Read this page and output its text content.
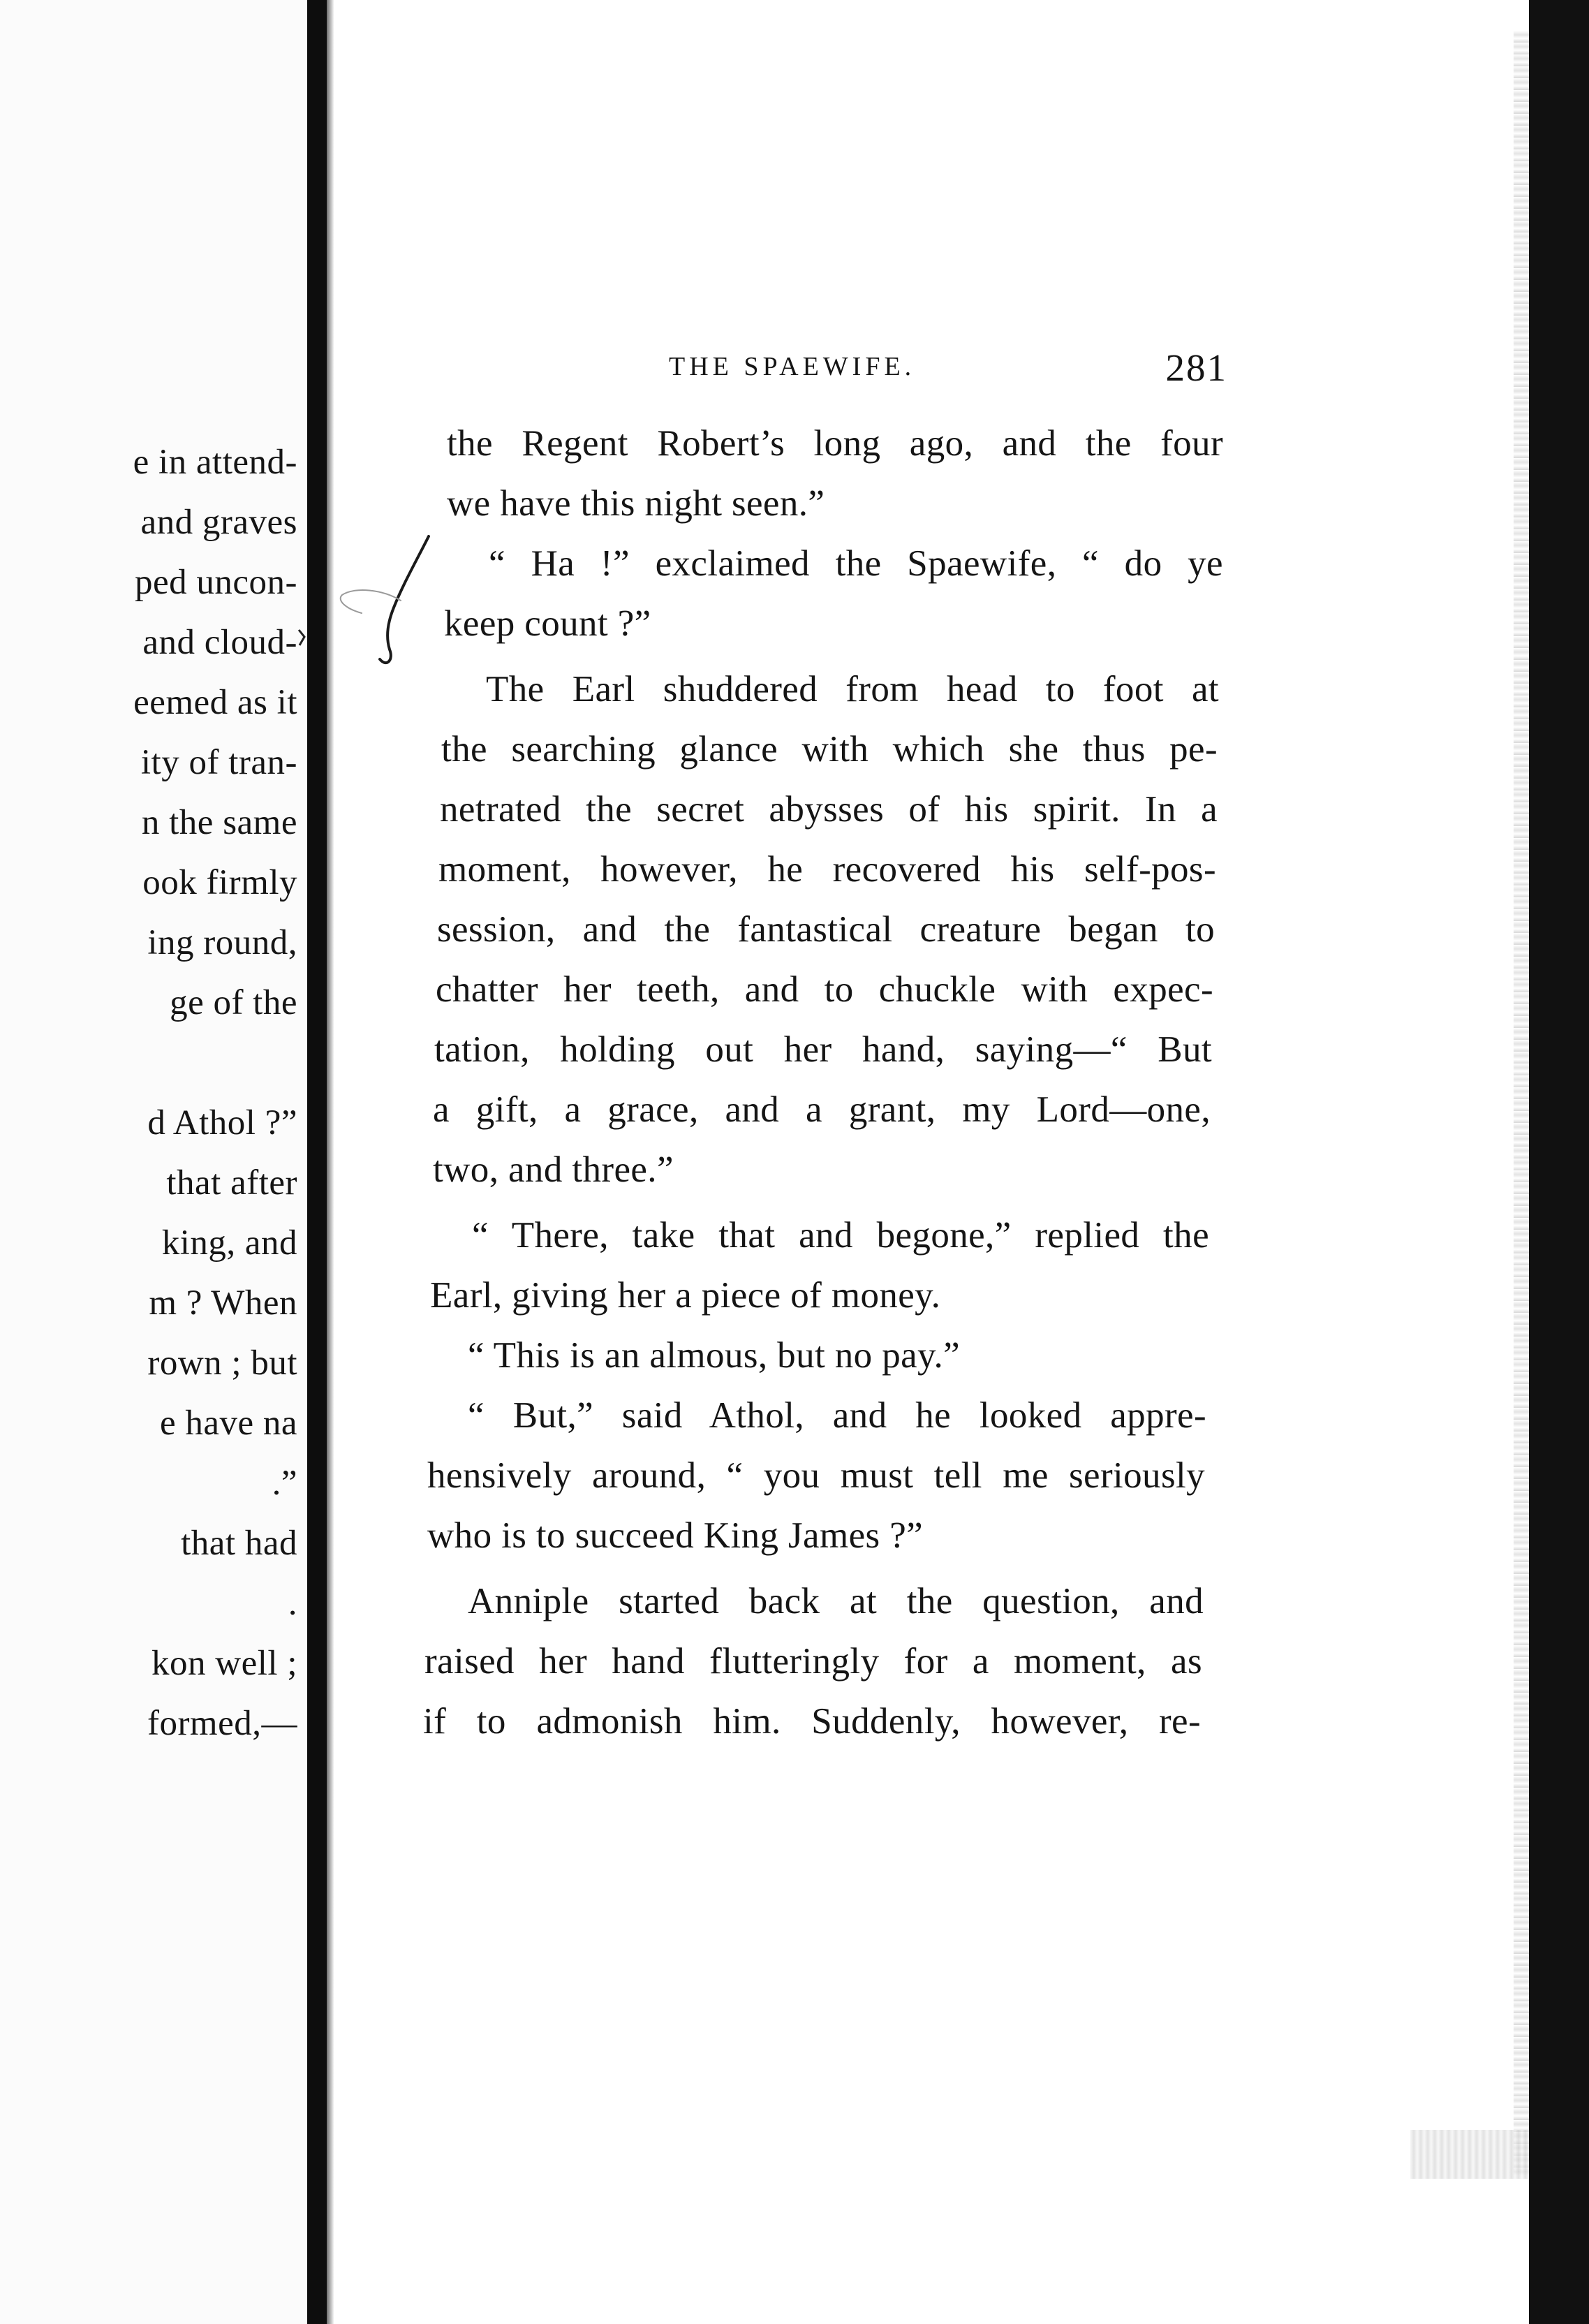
e in attend-
and graves
ped uncon-
and cloud-
eemed as it
ity of tran-
n the same
ook firmly
ing round,
ge of the
d Athol ?”
that after
king, and
m ? When
rown ; but
e have na
.”
that had
.
kon well ;
formed,—
THE SPAEWIFE.	281
the Regent Robert’s long ago, and the four
we have this night seen.”
“ Ha !” exclaimed the Spaewife, “ do ye
keep count ?”
The Earl shuddered from head to foot at
the searching glance with which she thus pe-
netrated the secret abysses of his spirit. In a
moment, however, he recovered his self-pos-
session, and the fantastical creature began to
chatter her teeth, and to chuckle with expec-
tation, holding out her hand, saying—“ But
a gift, a grace, and a grant, my Lord—one,
two, and three.”
“ There, take that and begone,” replied the
Earl, giving her a piece of money.
“ This is an almous, but no pay.”
“ But,” said Athol, and he looked appre-
hensively around, “ you must tell me seriously
who is to succeed King James ?”
Anniple started back at the question, and
raised her hand flutteringly for a moment, as
if to admonish him. Suddenly, however, re-
